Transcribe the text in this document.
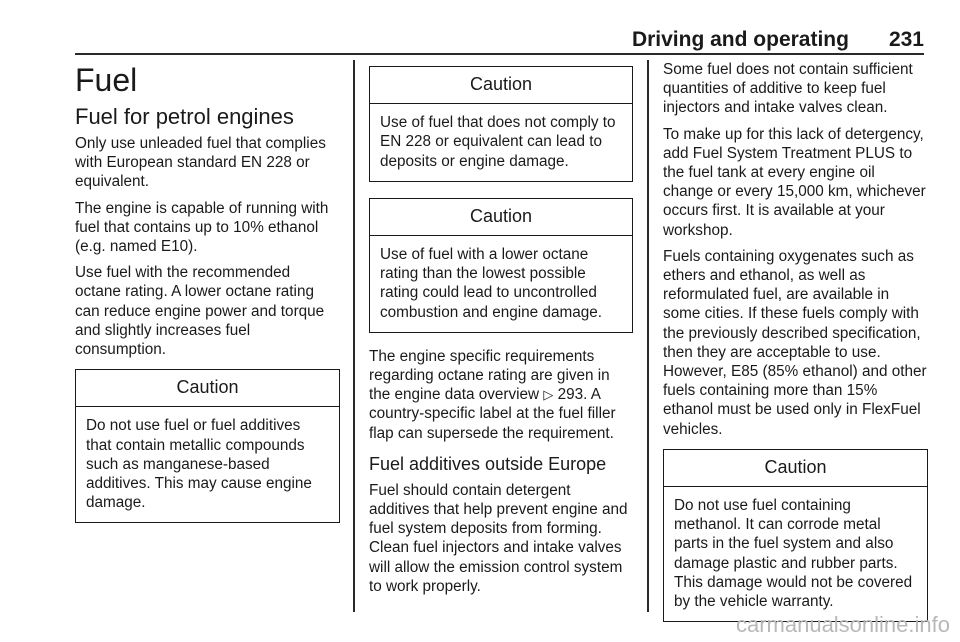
Driving and operating 231
Fuel
Fuel for petrol engines

Only use unleaded fuel that complies with European standard EN 228 or equivalent.

The engine is capable of running with fuel that contains up to 10% ethanol (e.g. named E10).

Use fuel with the recommended octane rating. A lower octane rating can reduce engine power and torque and slightly increases fuel consumption.

Caution
Do not use fuel or fuel additives that contain metallic compounds such as manganese-based additives. This may cause engine damage.
Caution
Use of fuel that does not comply to EN 228 or equivalent can lead to deposits or engine damage.
Caution
Use of fuel with a lower octane rating than the lowest possible rating could lead to uncontrolled combustion and engine damage.

The engine specific requirements regarding octane rating are given in the engine data overview ▷ 293. A country-specific label at the fuel filler flap can supersede the requirement.

Fuel additives outside Europe

Fuel should contain detergent additives that help prevent engine and fuel system deposits from forming. Clean fuel injectors and intake valves will allow the emission control system to work properly.

Some fuel does not contain sufficient quantities of additive to keep fuel injectors and intake valves clean.

To make up for this lack of detergency, add Fuel System Treatment PLUS to the fuel tank at every engine oil change or every 15,000 km, whichever occurs first. It is available at your workshop.

Fuels containing oxygenates such as ethers and ethanol, as well as reformulated fuel, are available in some cities. If these fuels comply with the previously described specification, then they are acceptable to use. However, E85 (85% ethanol) and other fuels containing more than 15% ethanol must be used only in FlexFuel vehicles.

Caution
Do not use fuel containing methanol. It can corrode metal parts in the fuel system and also damage plastic and rubber parts. This damage would not be covered by the vehicle warranty.
carmanualsonline.info
